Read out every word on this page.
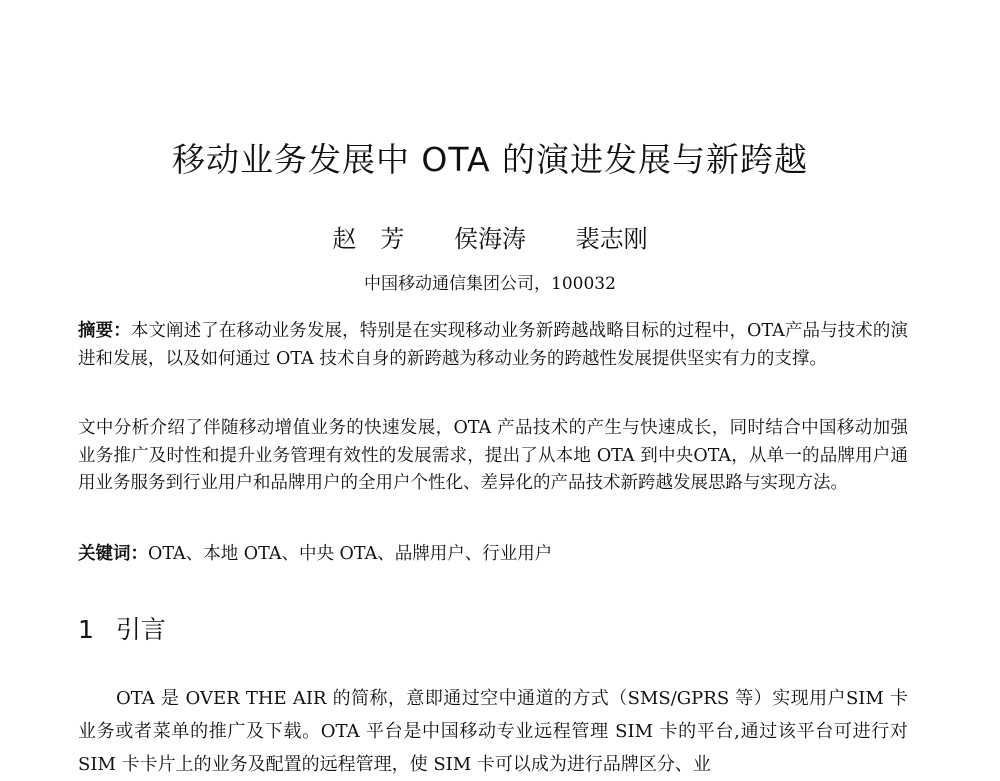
移动业务发展中 OTA 的演进发展与新跨越
赵　芳 侯海涛 裴志刚
中国移动通信集团公司，100032
摘要：本文阐述了在移动业务发展，特别是在实现移动业务新跨越战略目标的过程中，OTA产品与技术的演进和发展，以及如何通过 OTA 技术自身的新跨越为移动业务的跨越性发展提供坚实有力的支撑。
文中分析介绍了伴随移动增值业务的快速发展，OTA 产品技术的产生与快速成长，同时结合中国移动加强业务推广及时性和提升业务管理有效性的发展需求，提出了从本地 OTA 到中央OTA，从单一的品牌用户通用业务服务到行业用户和品牌用户的全用户个性化、差异化的产品技术新跨越发展思路与实现方法。
关键词：OTA、本地 OTA、中央 OTA、品牌用户、行业用户
1 引言
OTA 是 OVER THE AIR 的简称，意即通过空中通道的方式（SMS/GPRS 等）实现用户SIM 卡业务或者菜单的推广及下载。OTA 平台是中国移动专业远程管理 SIM 卡的平台,通过该平台可进行对 SIM 卡卡片上的业务及配置的远程管理，使 SIM 卡可以成为进行品牌区分、业
